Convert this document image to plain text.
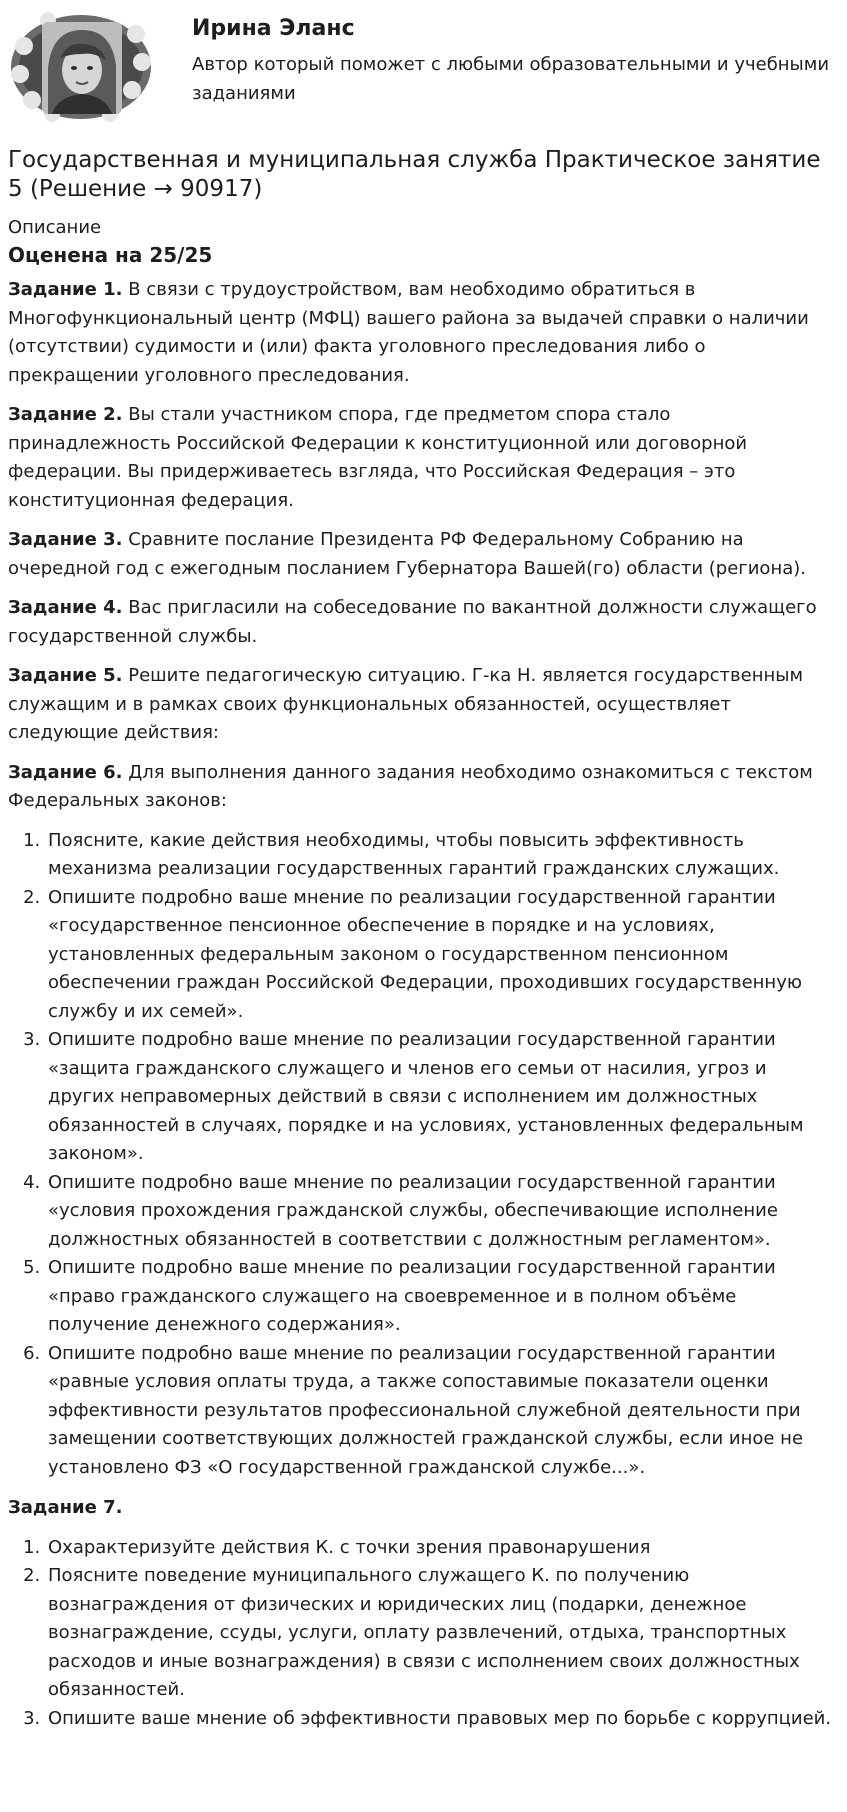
Ирина Эланс

Автор который поможет с любыми образовательными и учебными заданиями

Государственная и муниципальная служба Практическое занятие 5 (Решение → 90917)

Описание

Оценена на 25/25

Задание 1. В связи с трудоустройством, вам необходимо обратиться в Многофункциональный центр (МФЦ) вашего района за выдачей справки о наличии (отсутствии) судимости и (или) факта уголовного преследования либо о прекращении уголовного преследования.

Задание 2. Вы стали участником спора, где предметом спора стало принадлежность Российской Федерации к конституционной или договорной федерации. Вы придерживаетесь взгляда, что Российская Федерация – это конституционная федерация.

Задание 3. Сравните послание Президента РФ Федеральному Собранию на очередной год с ежегодным посланием Губернатора Вашей(го) области (региона).

Задание 4. Вас пригласили на собеседование по вакантной должности служащего государственной службы.

Задание 5. Решите педагогическую ситуацию. Г-ка Н. является государственным служащим и в рамках своих функциональных обязанностей, осуществляет следующие действия:

Задание 6. Для выполнения данного задания необходимо ознакомиться с текстом Федеральных законов:

1. Поясните, какие действия необходимы, чтобы повысить эффективность механизма реализации государственных гарантий гражданских служащих.
2. Опишите подробно ваше мнение по реализации государственной гарантии «государственное пенсионное обеспечение в порядке и на условиях, установленных федеральным законом о государственном пенсионном обеспечении граждан Российской Федерации, проходивших государственную службу и их семей».
3. Опишите подробно ваше мнение по реализации государственной гарантии «защита гражданского служащего и членов его семьи от насилия, угроз и других неправомерных действий в связи с исполнением им должностных обязанностей в случаях, порядке и на условиях, установленных федеральным законом».
4. Опишите подробно ваше мнение по реализации государственной гарантии «условия прохождения гражданской службы, обеспечивающие исполнение должностных обязанностей в соответствии с должностным регламентом».
5. Опишите подробно ваше мнение по реализации государственной гарантии «право гражданского служащего на своевременное и в полном объёме получение денежного содержания».
6. Опишите подробно ваше мнение по реализации государственной гарантии «равные условия оплаты труда, а также сопоставимые показатели оценки эффективности результатов профессиональной служебной деятельности при замещении соответствующих должностей гражданской службы, если иное не установлено ФЗ «О государственной гражданской службе...».

Задание 7.

1. Охарактеризуйте действия К. с точки зрения правонарушения
2. Поясните поведение муниципального служащего К. по получению вознаграждения от физических и юридических лиц (подарки, денежное вознаграждение, ссуды, услуги, оплату развлечений, отдыха, транспортных расходов и иные вознаграждения) в связи с исполнением своих должностных обязанностей.
3. Опишите ваше мнение об эффективности правовых мер по борьбе с коррупцией.
